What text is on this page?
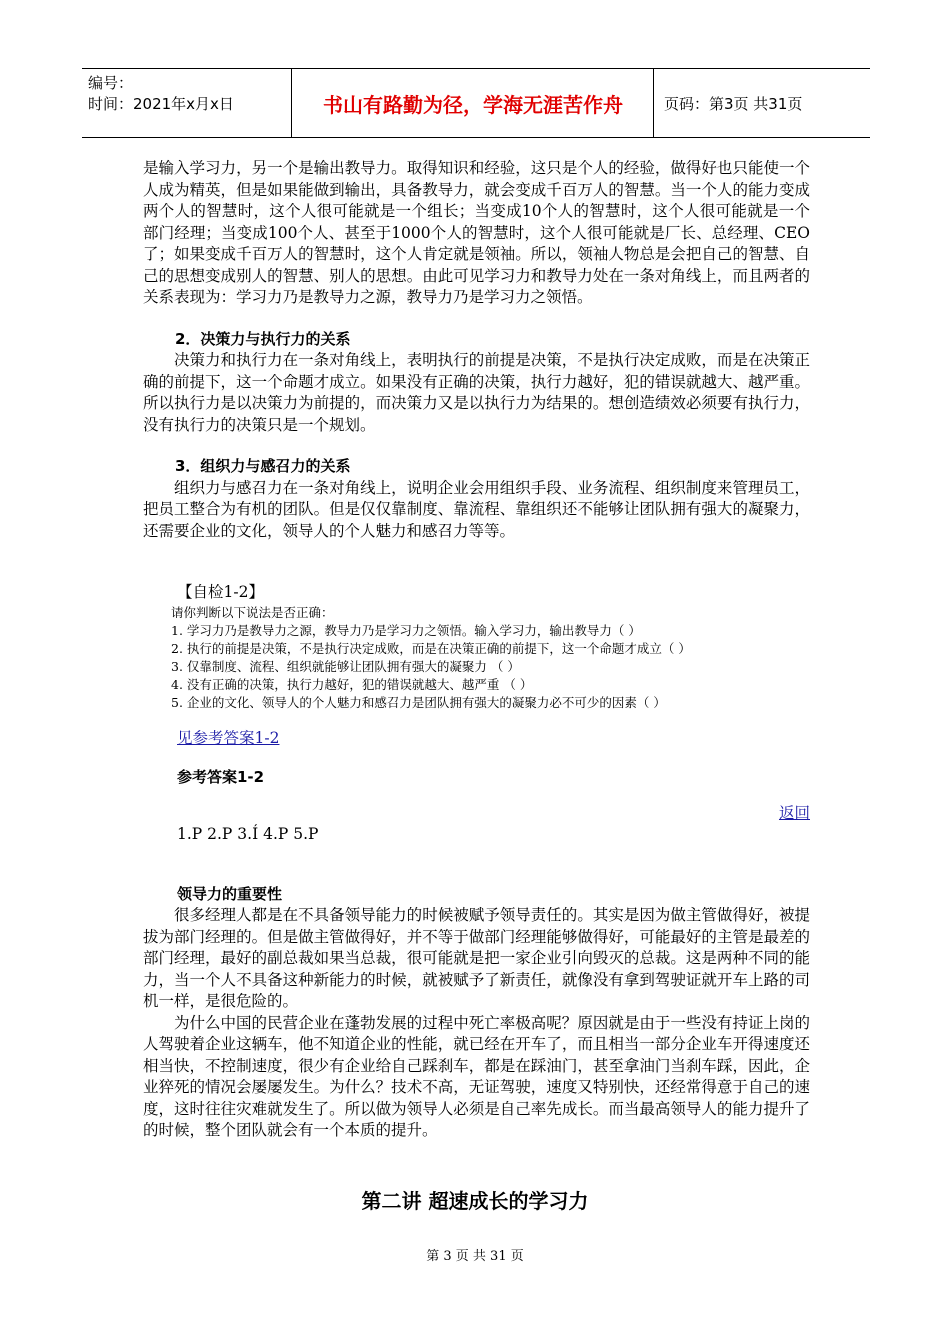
编号：
时间：2021年x月x日	书山有路勤为径，学海无涯苦作舟	页码：第3页 共31页

是输入学习力，另一个是输出教导力。取得知识和经验，这只是个人的经验，做得好也只能使一个人成为精英，但是如果能做到输出，具备教导力，就会变成千百万人的智慧。当一个人的能力变成两个人的智慧时，这个人很可能就是一个组长；当变成10个人的智慧时，这个人很可能就是一个部门经理；当变成100个人、甚至于1000个人的智慧时，这个人很可能就是厂长、总经理、CEO了；如果变成千百万人的智慧时，这个人肯定就是领袖。所以，领袖人物总是会把自己的智慧、自己的思想变成别人的智慧、别人的思想。由此可见学习力和教导力处在一条对角线上，而且两者的关系表现为：学习力乃是教导力之源，教导力乃是学习力之领悟。

2．决策力与执行力的关系

决策力和执行力在一条对角线上，表明执行的前提是决策，不是执行决定成败，而是在决策正确的前提下，这一个命题才成立。如果没有正确的决策，执行力越好，犯的错误就越大、越严重。所以执行力是以决策力为前提的，而决策力又是以执行力为结果的。想创造绩效必须要有执行力，没有执行力的决策只是一个规划。

3．组织力与感召力的关系

组织力与感召力在一条对角线上，说明企业会用组织手段、业务流程、组织制度来管理员工，把员工整合为有机的团队。但是仅仅靠制度、靠流程、靠组织还不能够让团队拥有强大的凝聚力，还需要企业的文化，领导人的个人魅力和感召力等等。

【自检1-2】

请你判断以下说法是否正确：
1. 学习力乃是教导力之源，教导力乃是学习力之领悟。输入学习力，输出教导力（ ）
2. 执行的前提是决策，不是执行决定成败，而是在决策正确的前提下，这一个命题才成立（ ）
3. 仅靠制度、流程、组织就能够让团队拥有强大的凝聚力 （ ）
4. 没有正确的决策，执行力越好，犯的错误就越大、越严重 （ ）
5. 企业的文化、领导人的个人魅力和感召力是团队拥有强大的凝聚力必不可少的因素（ ）

见参考答案1-2

参考答案1-2

返回

1.P 2.P 3.Í 4.P 5.P

领导力的重要性

很多经理人都是在不具备领导能力的时候被赋予领导责任的。其实是因为做主管做得好，被提拔为部门经理的。但是做主管做得好，并不等于做部门经理能够做得好，可能最好的主管是最差的部门经理，最好的副总裁如果当总裁，很可能就是把一家企业引向毁灭的总裁。这是两种不同的能力，当一个人不具备这种新能力的时候，就被赋予了新责任，就像没有拿到驾驶证就开车上路的司机一样，是很危险的。

为什么中国的民营企业在蓬勃发展的过程中死亡率极高呢？原因就是由于一些没有持证上岗的人驾驶着企业这辆车，他不知道企业的性能，就已经在开车了，而且相当一部分企业车开得速度还相当快，不控制速度，很少有企业给自己踩刹车，都是在踩油门，甚至拿油门当刹车踩，因此，企业猝死的情况会屡屡发生。为什么？技术不高，无证驾驶，速度又特别快，还经常得意于自己的速度，这时往往灾难就发生了。所以做为领导人必须是自己率先成长。而当最高领导人的能力提升了的时候，整个团队就会有一个本质的提升。

第二讲 超速成长的学习力
第 3 页 共 31 页
